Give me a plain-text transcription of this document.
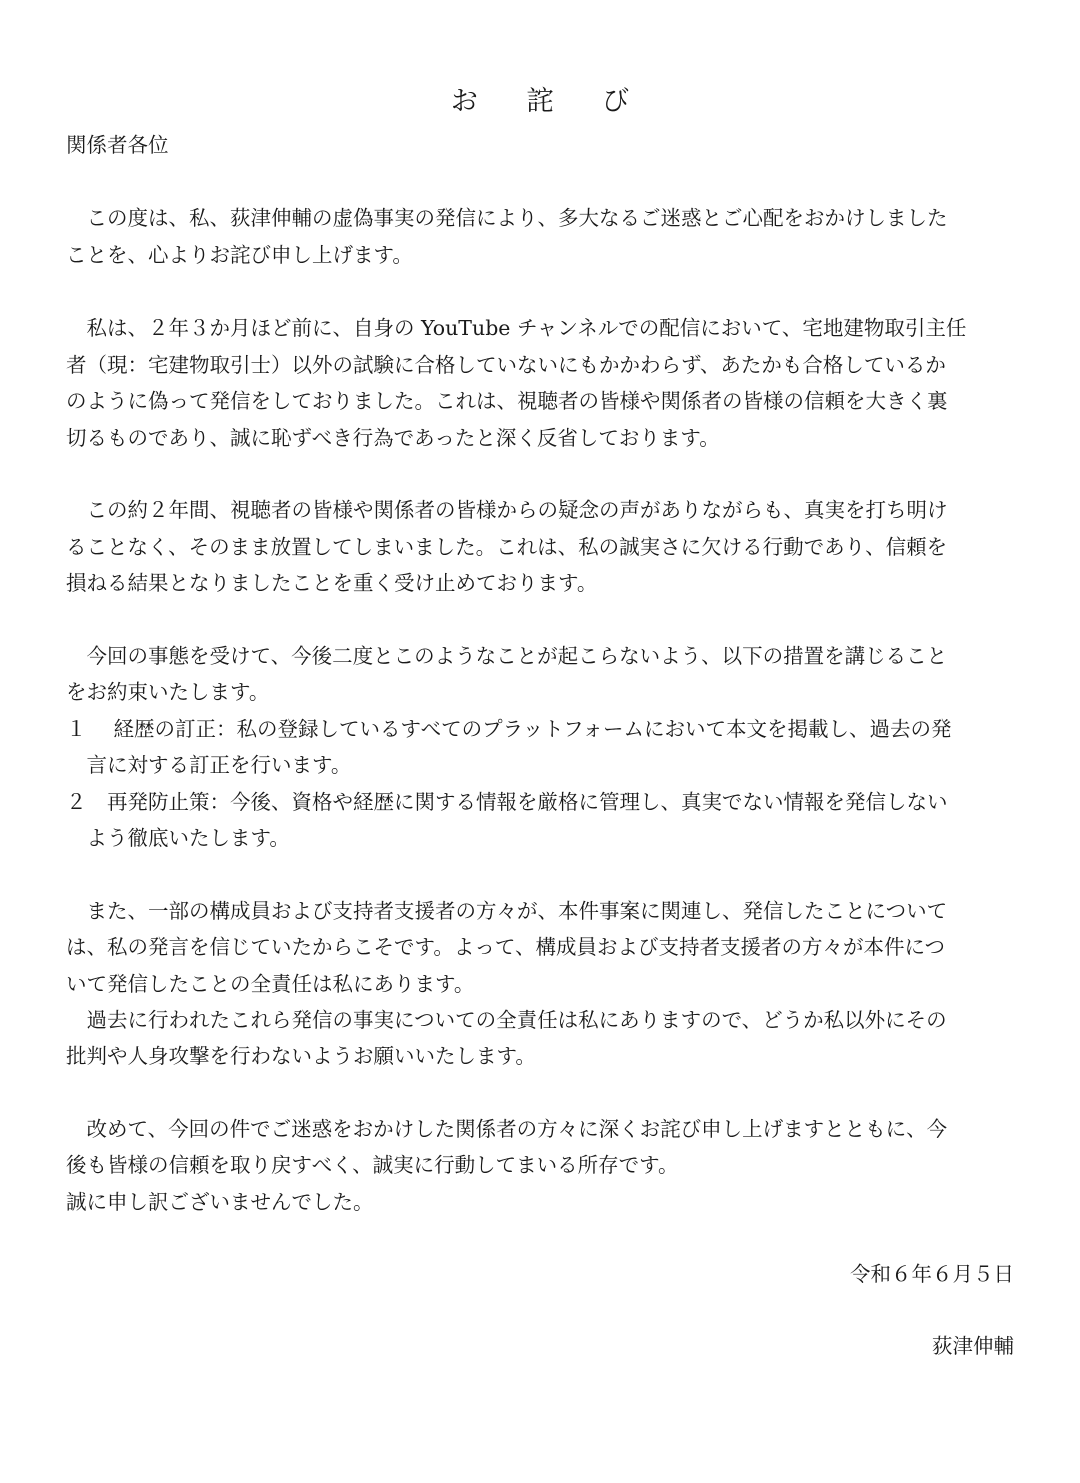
お 詫 び
関係者各位
　この度は、私、荻津伸輔の虚偽事実の発信により、多大なるご迷惑とご心配をおかけしました
ことを、心よりお詫び申し上げます。
　私は、２年３か月ほど前に、自身の YouTube チャンネルでの配信において、宅地建物取引主任
者（現：宅建物取引士）以外の試験に合格していないにもかかわらず、あたかも合格しているか
のように偽って発信をしておりました。これは、視聴者の皆様や関係者の皆様の信頼を大きく裏
切るものであり、誠に恥ずべき行為であったと深く反省しております。
　この約２年間、視聴者の皆様や関係者の皆様からの疑念の声がありながらも、真実を打ち明け
ることなく、そのまま放置してしまいました。これは、私の誠実さに欠ける行動であり、信頼を
損ねる結果となりましたことを重く受け止めております。
　今回の事態を受けて、今後二度とこのようなことが起こらないよう、以下の措置を講じること
をお約束いたします。
１　 経歴の訂正：私の登録しているすべてのプラットフォームにおいて本文を掲載し、過去の発
　言に対する訂正を行います。
２　再発防止策：今後、資格や経歴に関する情報を厳格に管理し、真実でない情報を発信しない
　よう徹底いたします。
　また、一部の構成員および支持者支援者の方々が、本件事案に関連し、発信したことについて
は、私の発言を信じていたからこそです。よって、構成員および支持者支援者の方々が本件につ
いて発信したことの全責任は私にあります。
　過去に行われたこれら発信の事実についての全責任は私にありますので、どうか私以外にその
批判や人身攻撃を行わないようお願いいたします。
　改めて、今回の件でご迷惑をおかけした関係者の方々に深くお詫び申し上げますとともに、今
後も皆様の信頼を取り戻すべく、誠実に行動してまいる所存です。
誠に申し訳ございませんでした。
令和６年６月５日
荻津伸輔
